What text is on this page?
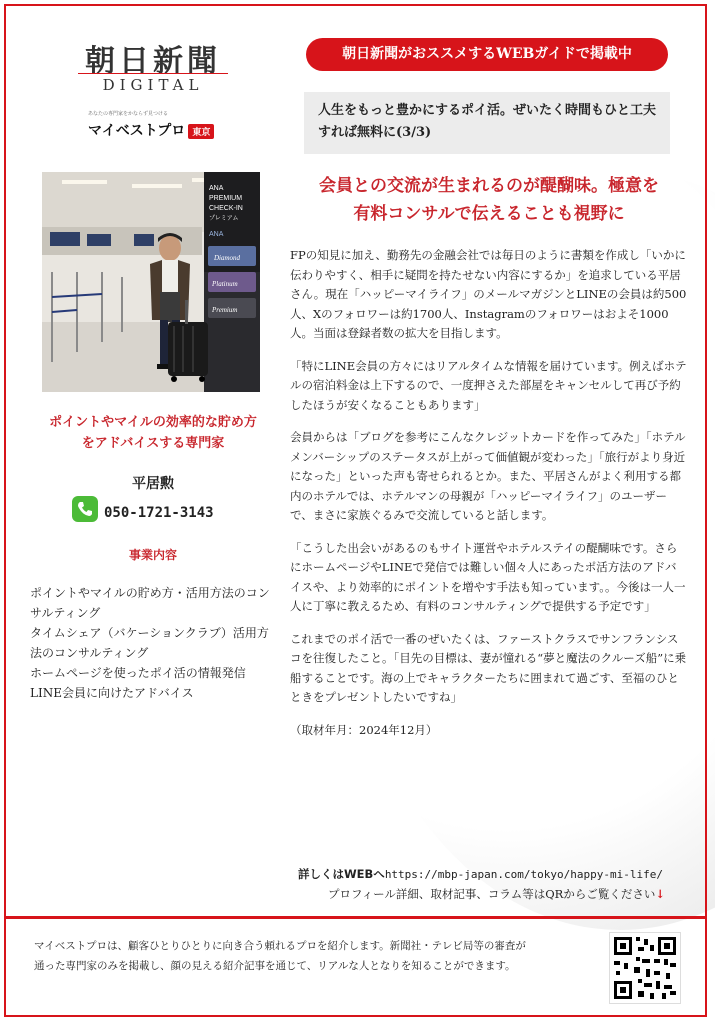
朝日新聞
DIGITAL
あなたの専門家をかならず見つける
マイベストプロ 東京
朝日新聞がおススメするWEBガイドで掲載中
人生をもっと豊かにするポイ活。ぜいたく時間もひと工夫すれば無料に(3/3)
会員との交流が生まれるのが醍醐味。極意を
有料コンサルで伝えることも視野に
ANA
PREMIUM
CHECK-IN
プレミアム
ANA
Diamond
Platinum
Premium
ポイントやマイルの効率的な貯め方
をアドバイスする専門家
平居勲
050-1721-3143
事業内容
ポイントやマイルの貯め方・活用方法のコンサルティング
タイムシェア（バケーションクラブ）活用方法のコンサルティング
ホームページを使ったポイ活の情報発信
LINE会員に向けたアドバイス

FPの知見に加え、勤務先の金融会社では毎日のように書類を作成し「いかに伝わりやすく、相手に疑問を持たせない内容にするか」を追求している平居さん。現在「ハッピーマイライフ」のメールマガジンとLINEの会員は約500人、Xのフォロワーは約1700人、Instagramのフォロワーはおよそ1000人。当面は登録者数の拡大を目指します。

「特にLINE会員の方々にはリアルタイムな情報を届けています。例えばホテルの宿泊料金は上下するので、一度押さえた部屋をキャンセルして再び予約したほうが安くなることもあります」

会員からは「ブログを参考にこんなクレジットカードを作ってみた」「ホテルメンバーシップのステータスが上がって価値観が変わった」「旅行がより身近になった」といった声も寄せられるとか。また、平居さんがよく利用する都内のホテルでは、ホテルマンの母親が「ハッピーマイライフ」のユーザーで、まさに家族ぐるみで交流していると話します。

「こうした出会いがあるのもサイト運営やホテルステイの醍醐味です。さらにホームページやLINEで発信では難しい個々人にあったポ活方法のアドバイスや、より効率的にポイントを増やす手法も知っています。。今後は一人一人に丁寧に教えるため、有料のコンサルティングで提供する予定です」

これまでのポイ活で一番のぜいたくは、ファーストクラスでサンフランシスコを往復したこと。「目先の目標は、妻が憧れる“夢と魔法のクルーズ船”に乗船することです。海の上でキャラクターたちに囲まれて過ごす、至福のひとときをプレゼントしたいですね」

（取材年月：2024年12月）

詳しくはWEBへhttps://mbp-japan.com/tokyo/happy-mi-life/
プロフィール詳細、取材記事、コラム等はQRからご覧ください↓
マイベストプロは、顧客ひとりひとりに向き合う頼れるプロを紹介します。新聞社・テレビ局等の審査が
通った専門家のみを掲載し、顔の見える紹介記事を通じて、リアルな人となりを知ることができます。
